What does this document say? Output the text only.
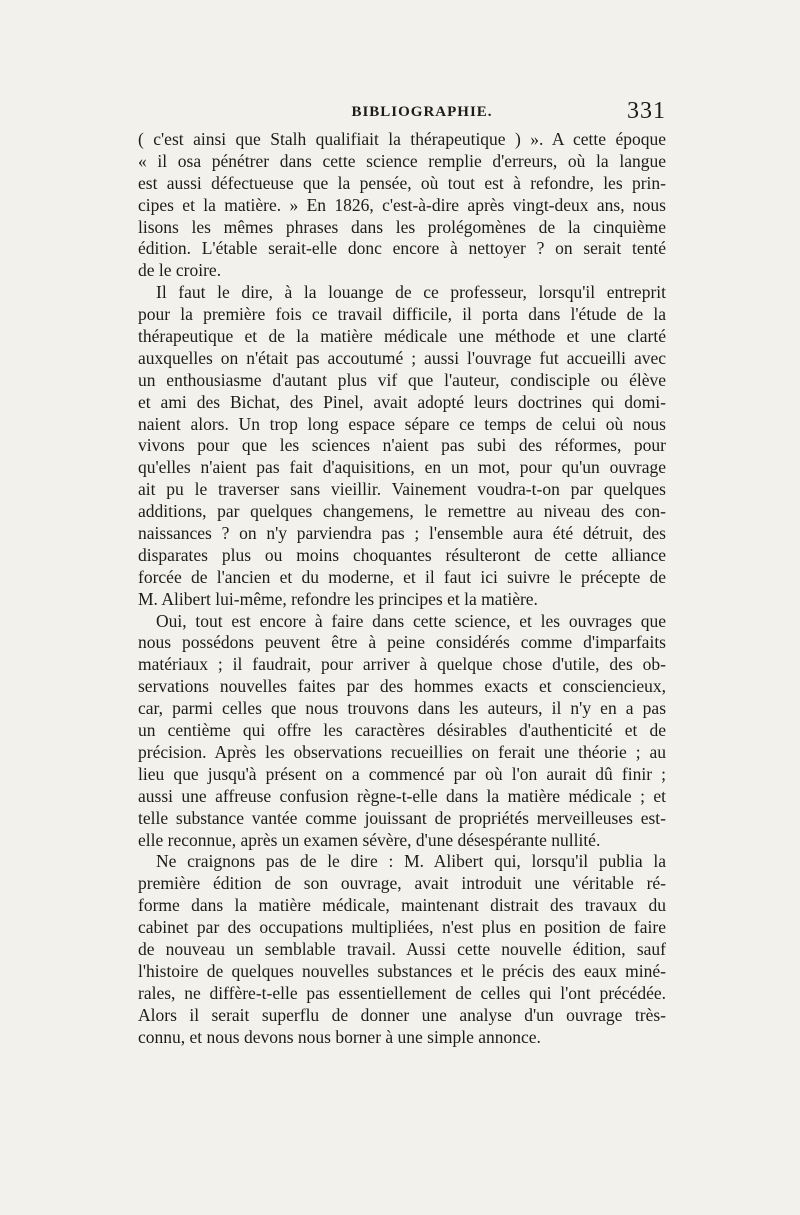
BIBLIOGRAPHIE.	331
( c'est ainsi que Stalh qualifiait la thérapeutique ) ». A cette époque
« il osa pénétrer dans cette science remplie d'erreurs, où la langue
est aussi défectueuse que la pensée, où tout est à refondre, les prin-
cipes et la matière. » En 1826, c'est-à-dire après vingt-deux ans, nous
lisons les mêmes phrases dans les prolégomènes de la cinquième
édition. L'étable serait-elle donc encore à nettoyer ? on serait tenté
de le croire.
Il faut le dire, à la louange de ce professeur, lorsqu'il entreprit
pour la première fois ce travail difficile, il porta dans l'étude de la
thérapeutique et de la matière médicale une méthode et une clarté
auxquelles on n'était pas accoutumé ; aussi l'ouvrage fut accueilli avec
un enthousiasme d'autant plus vif que l'auteur, condisciple ou élève
et ami des Bichat, des Pinel, avait adopté leurs doctrines qui domi-
naient alors. Un trop long espace sépare ce temps de celui où nous
vivons pour que les sciences n'aient pas subi des réformes, pour
qu'elles n'aient pas fait d'aquisitions, en un mot, pour qu'un ouvrage
ait pu le traverser sans vieillir. Vainement voudra-t-on par quelques
additions, par quelques changemens, le remettre au niveau des con-
naissances ? on n'y parviendra pas ; l'ensemble aura été détruit, des
disparates plus ou moins choquantes résulteront de cette alliance
forcée de l'ancien et du moderne, et il faut ici suivre le précepte de
M. Alibert lui-même, refondre les principes et la matière.
Oui, tout est encore à faire dans cette science, et les ouvrages que
nous possédons peuvent être à peine considérés comme d'imparfaits
matériaux ; il faudrait, pour arriver à quelque chose d'utile, des ob-
servations nouvelles faites par des hommes exacts et consciencieux,
car, parmi celles que nous trouvons dans les auteurs, il n'y en a pas
un centième qui offre les caractères désirables d'authenticité et de
précision. Après les observations recueillies on ferait une théorie ; au
lieu que jusqu'à présent on a commencé par où l'on aurait dû finir ;
aussi une affreuse confusion règne-t-elle dans la matière médicale ; et
telle substance vantée comme jouissant de propriétés merveilleuses est-
elle reconnue, après un examen sévère, d'une désespérante nullité.
Ne craignons pas de le dire : M. Alibert qui, lorsqu'il publia la
première édition de son ouvrage, avait introduit une véritable ré-
forme dans la matière médicale, maintenant distrait des travaux du
cabinet par des occupations multipliées, n'est plus en position de faire
de nouveau un semblable travail. Aussi cette nouvelle édition, sauf
l'histoire de quelques nouvelles substances et le précis des eaux miné-
rales, ne diffère-t-elle pas essentiellement de celles qui l'ont précédée.
Alors il serait superflu de donner une analyse d'un ouvrage très-
connu, et nous devons nous borner à une simple annonce.
